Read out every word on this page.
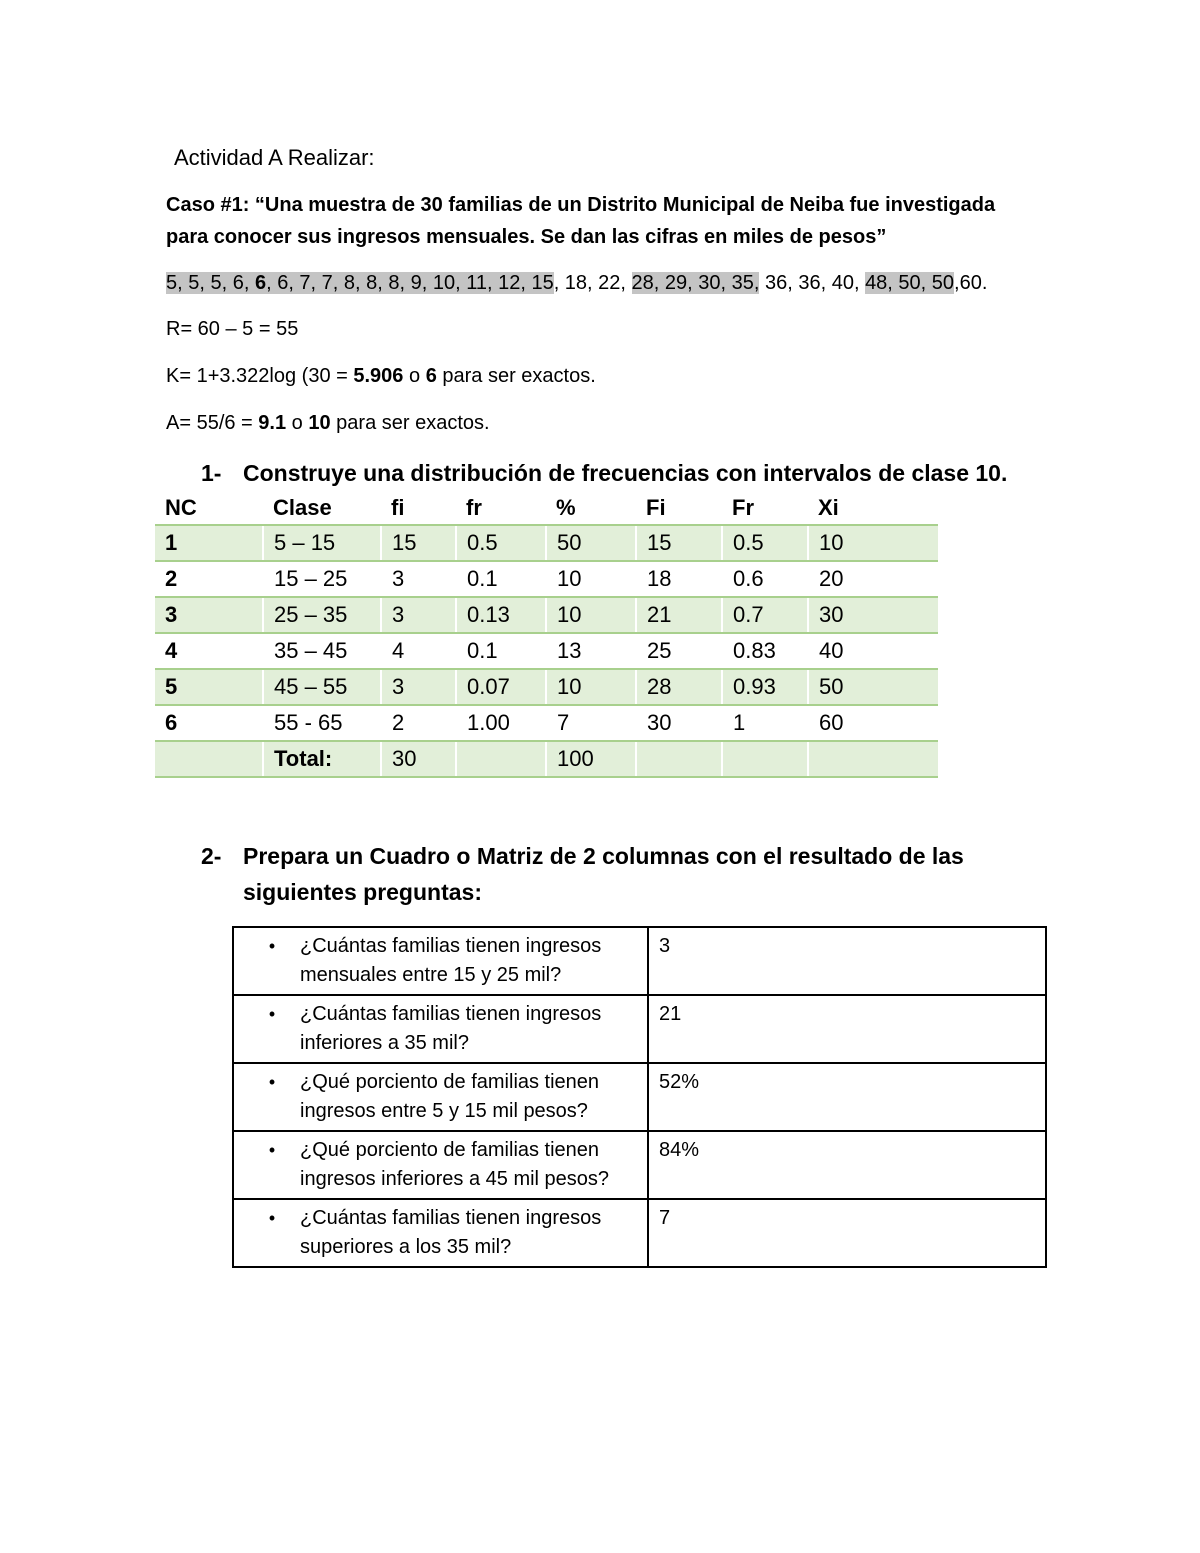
Actividad A Realizar:
Caso #1: “Una muestra de 30 familias de un Distrito Municipal de Neiba fue investigada
para conocer sus ingresos mensuales. Se dan las cifras en miles de pesos”
5, 5, 5, 6, 6, 6, 7, 7, 8, 8, 8, 9, 10, 11, 12, 15, 18, 22, 28, 29, 30, 35, 36, 36, 40, 48, 50, 50,60.
R= 60 – 5 = 55
K= 1+3.322log (30 = 5.906 o 6 para ser exactos.
A= 55/6 = 9.1 o 10 para ser exactos.
1- Construye una distribución de frecuencias con intervalos de clase 10.
NC	Clase	fi	fr	%	Fi	Fr	Xi
1	5 – 15	15	0.5	50	15	0.5	10
2	15 – 25	3	0.1	10	18	0.6	20
3	25 – 35	3	0.13	10	21	0.7	30
4	35 – 45	4	0.1	13	25	0.83	40
5	45 – 55	3	0.07	10	28	0.93	50
6	55 - 65	2	1.00	7	30	1	60
	Total:	30		100			
2- Prepara un Cuadro o Matriz de 2 columnas con el resultado de las
siguientes preguntas:
• ¿Cuántas familias tienen ingresos mensuales entre 15 y 25 mil?	3

• ¿Cuántas familias tienen ingresos inferiores a 35 mil?	21

• ¿Qué porciento de familias tienen ingresos entre 5 y 15 mil pesos?	52%

• ¿Qué porciento de familias tienen ingresos inferiores a 45 mil pesos?	84%

• ¿Cuántas familias tienen ingresos superiores a los 35 mil?	7
